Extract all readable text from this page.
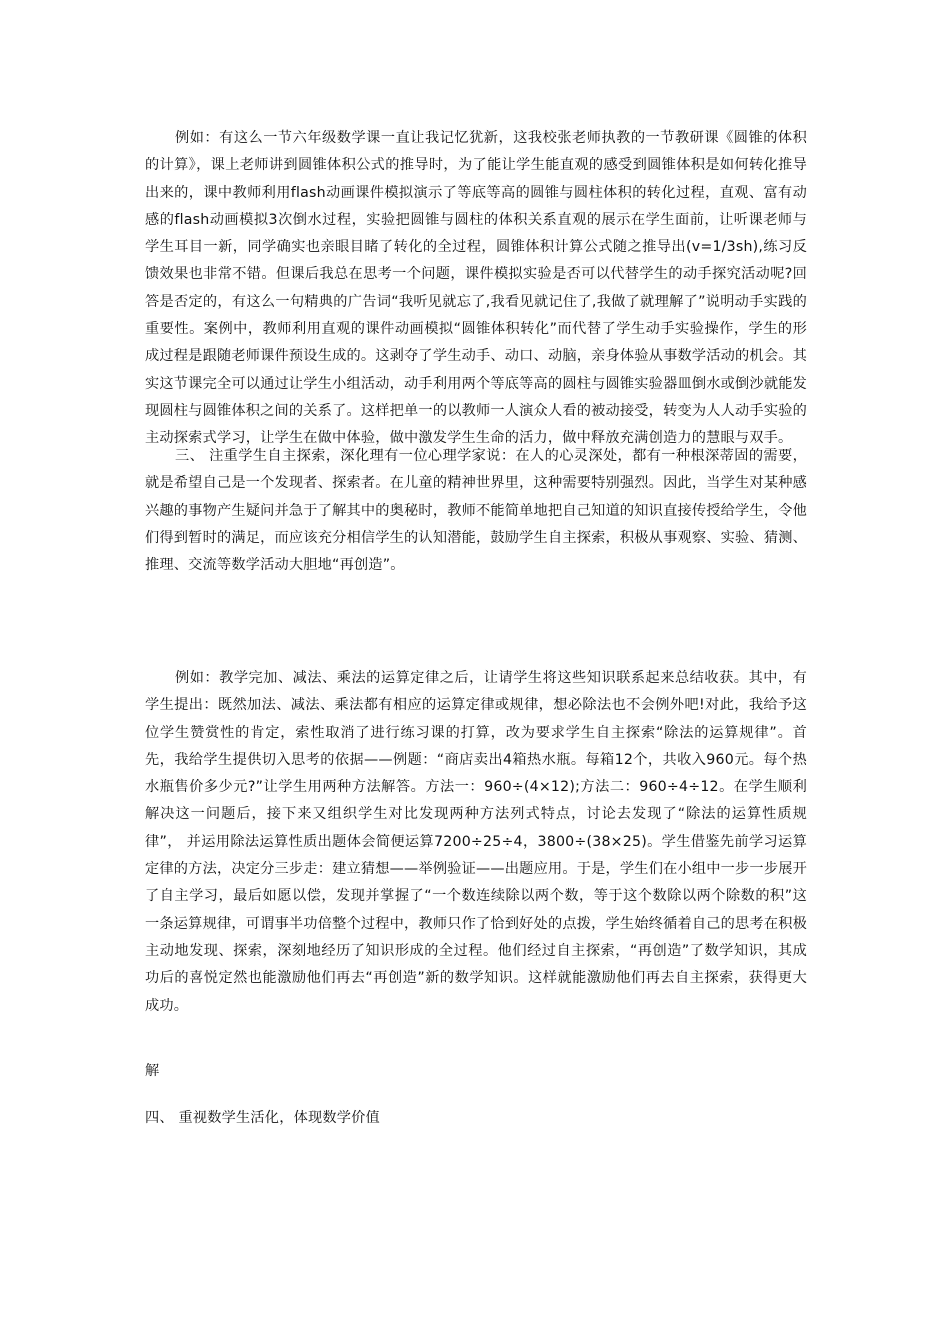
例如：有这么一节六年级数学课一直让我记忆犹新，这我校张老师执教的一节教研课《圆锥的体积的计算》，课上老师讲到圆锥体积公式的推导时，为了能让学生能直观的感受到圆锥体积是如何转化推导出来的，课中教师利用flash动画课件模拟演示了等底等高的圆锥与圆柱体积的转化过程，直观、富有动感的flash动画模拟3次倒水过程，实验把圆锥与圆柱的体积关系直观的展示在学生面前，让听课老师与学生耳目一新，同学确实也亲眼目睹了转化的全过程，圆锥体积计算公式随之推导出(v=1/3sh),练习反馈效果也非常不错。但课后我总在思考一个问题，课件模拟实验是否可以代替学生的动手探究活动呢?回答是否定的，有这么一句精典的广告词“我听见就忘了,我看见就记住了,我做了就理解了”说明动手实践的重要性。案例中，教师利用直观的课件动画模拟“圆锥体积转化”而代替了学生动手实验操作，学生的形成过程是跟随老师课件预设生成的。这剥夺了学生动手、动口、动脑，亲身体验从事数学活动的机会。其实这节课完全可以通过让学生小组活动，动手利用两个等底等高的圆柱与圆锥实验器皿倒水或倒沙就能发现圆柱与圆锥体积之间的关系了。这样把单一的以教师一人演众人看的被动接受，转变为人人动手实验的主动探索式学习，让学生在做中体验，做中激发学生生命的活力，做中释放充满创造力的慧眼与双手。

三、 注重学生自主探索，深化理有一位心理学家说：在人的心灵深处，都有一种根深蒂固的需要，就是希望自己是一个发现者、探索者。在儿童的精神世界里，这种需要特别强烈。因此，当学生对某种感兴趣的事物产生疑问并急于了解其中的奥秘时，教师不能简单地把自己知道的知识直接传授给学生，令他们得到暂时的满足，而应该充分相信学生的认知潜能，鼓励学生自主探索，积极从事观察、实验、猜测、推理、交流等数学活动大胆地“再创造”。

例如：教学完加、减法、乘法的运算定律之后，让请学生将这些知识联系起来总结收获。其中，有学生提出：既然加法、减法、乘法都有相应的运算定律或规律，想必除法也不会例外吧!对此，我给予这位学生赞赏性的肯定，索性取消了进行练习课的打算，改为要求学生自主探索“除法的运算规律”。首先，我给学生提供切入思考的依据——例题：“商店卖出4箱热水瓶。每箱12个，共收入960元。每个热水瓶售价多少元?”让学生用两种方法解答。方法一：960÷(4×12);方法二：960÷4÷12。在学生顺利解决这一问题后，接下来又组织学生对比发现两种方法列式特点，讨论去发现了“除法的运算性质规律”， 并运用除法运算性质出题体会简便运算7200÷25÷4，3800÷(38×25)。学生借鉴先前学习运算定律的方法，决定分三步走：建立猜想——举例验证——出题应用。于是，学生们在小组中一步一步展开了自主学习，最后如愿以偿，发现并掌握了“一个数连续除以两个数，等于这个数除以两个除数的积”这一条运算规律，可谓事半功倍整个过程中，教师只作了恰到好处的点拨，学生始终循着自己的思考在积极主动地发现、探索，深刻地经历了知识形成的全过程。他们经过自主探索，“再创造”了数学知识，其成功后的喜悦定然也能激励他们再去“再创造”新的数学知识。这样就能激励他们再去自主探索，获得更大成功。

解

四、 重视数学生活化，体现数学价值
